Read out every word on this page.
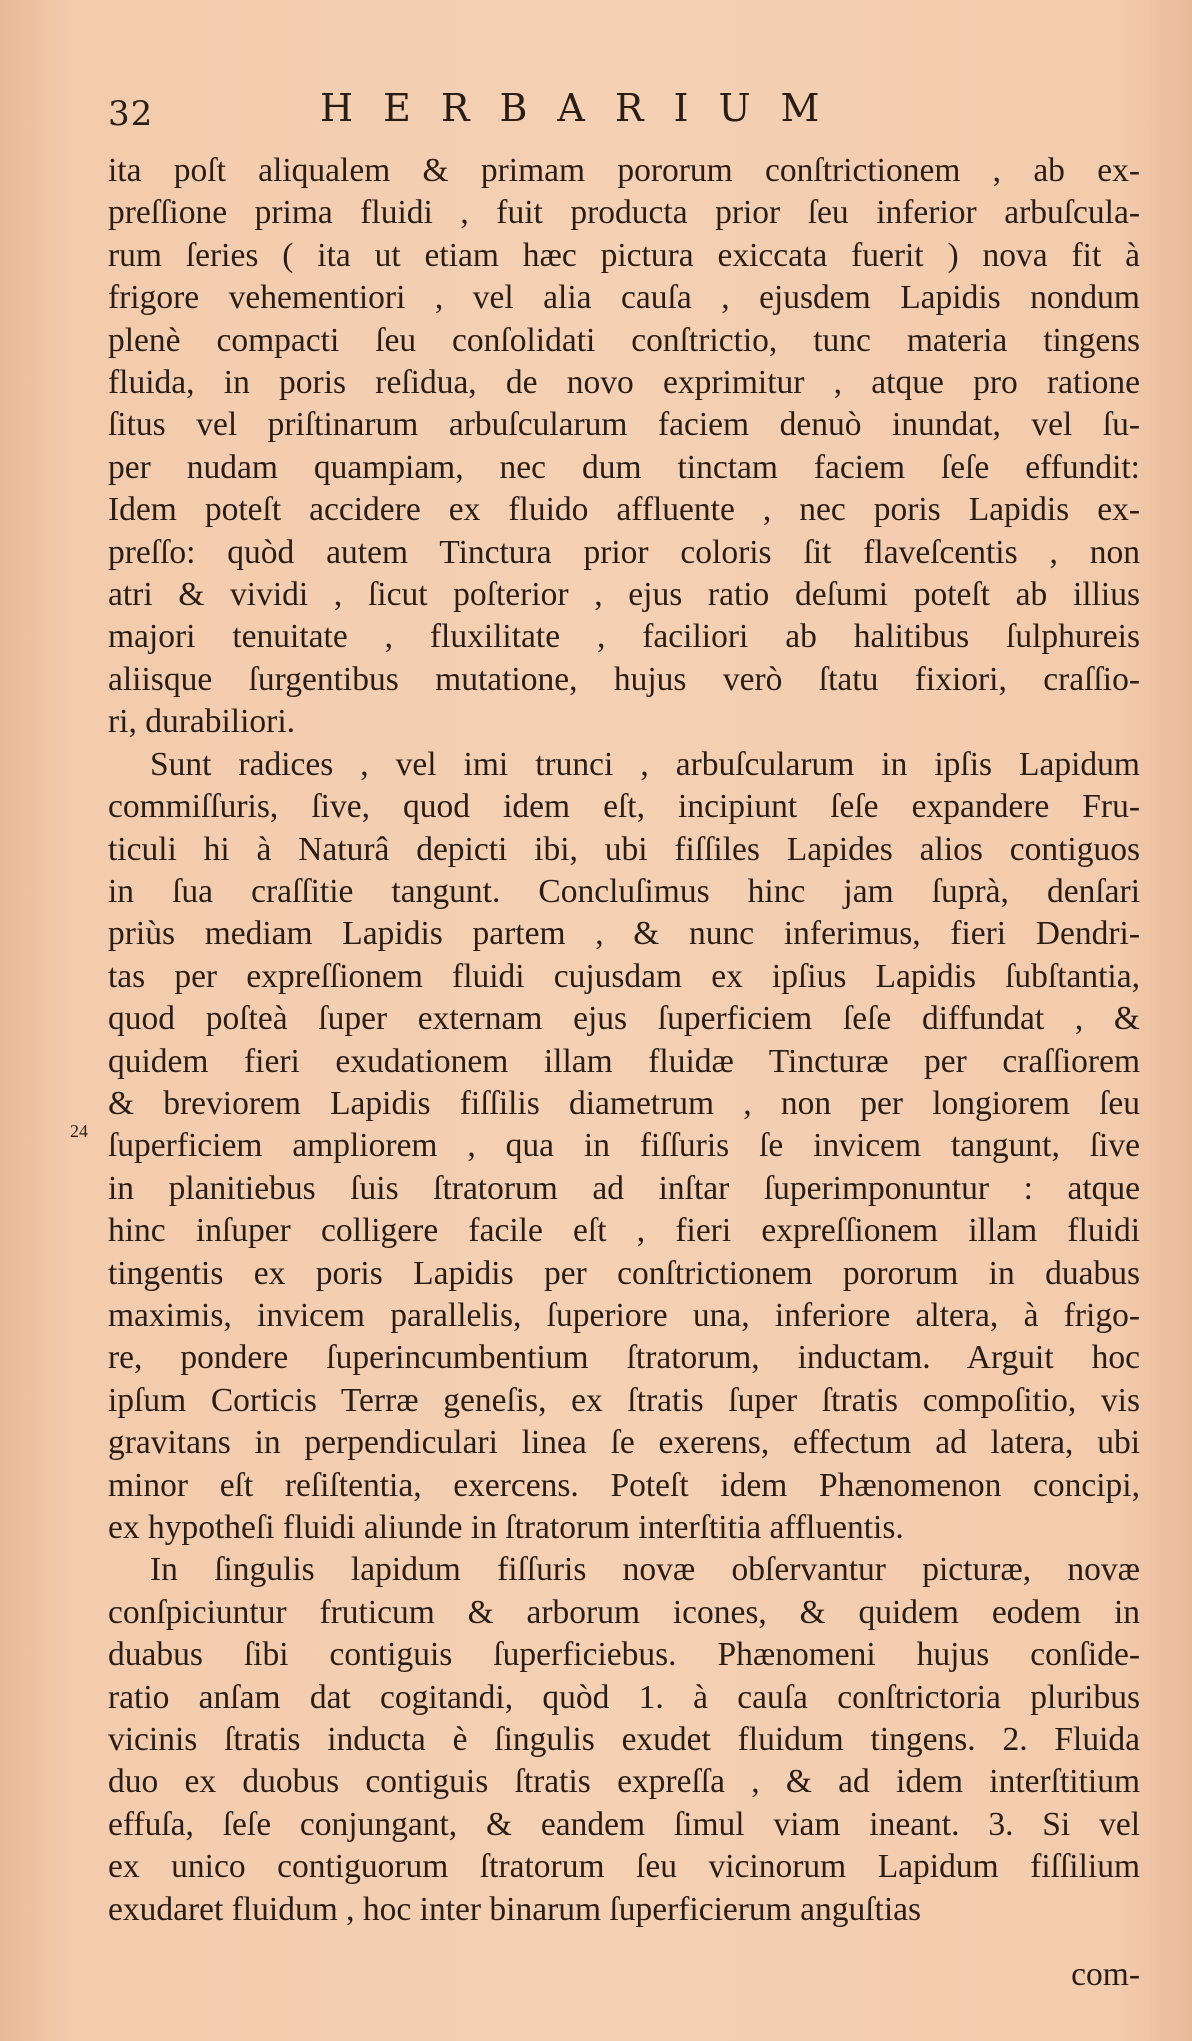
32	HERBARIUM
24
ita poſt aliqualem & primam pororum conſtrictionem , ab ex-
preſſione prima fluidi , fuit producta prior ſeu inferior arbuſcula-
rum ſeries ( ita ut etiam hæc pictura exiccata fuerit ) nova fit à
frigore vehementiori , vel alia cauſa , ejusdem Lapidis nondum
plenè compacti ſeu conſolidati conſtrictio, tunc materia tingens
fluida, in poris reſidua, de novo exprimitur , atque pro ratione
ſitus vel priſtinarum arbuſcularum faciem denuò inundat, vel ſu-
per nudam quampiam, nec dum tinctam faciem ſeſe effundit:
Idem poteſt accidere ex fluido affluente , nec poris Lapidis ex-
preſſo: quòd autem Tinctura prior coloris ſit flaveſcentis , non
atri & vividi , ſicut poſterior , ejus ratio deſumi poteſt ab illius
majori tenuitate , fluxilitate , faciliori ab halitibus ſulphureis
aliisque ſurgentibus mutatione, hujus verò ſtatu fixiori, craſſio-
ri, durabiliori.
Sunt radices , vel imi trunci , arbuſcularum in ipſis Lapidum
commiſſuris, ſive, quod idem eſt, incipiunt ſeſe expandere Fru-
ticuli hi à Naturâ depicti ibi, ubi fiſſiles Lapides alios contiguos
in ſua craſſitie tangunt. Concluſimus hinc jam ſuprà, denſari
priùs mediam Lapidis partem , & nunc inferimus, fieri Dendri-
tas per expreſſionem fluidi cujusdam ex ipſius Lapidis ſubſtantia,
quod poſteà ſuper externam ejus ſuperficiem ſeſe diffundat , &
quidem fieri exudationem illam fluidæ Tincturæ per craſſiorem
& breviorem Lapidis fiſſilis diametrum , non per longiorem ſeu
ſuperficiem ampliorem , qua in fiſſuris ſe invicem tangunt, ſive
in planitiebus ſuis ſtratorum ad inſtar ſuperimponuntur : atque
hinc inſuper colligere facile eſt , fieri expreſſionem illam fluidi
tingentis ex poris Lapidis per conſtrictionem pororum in duabus
maximis, invicem parallelis, ſuperiore una, inferiore altera, à frigo-
re, pondere ſuperincumbentium ſtratorum, inductam. Arguit hoc
ipſum Corticis Terræ geneſis, ex ſtratis ſuper ſtratis compoſitio, vis
gravitans in perpendiculari linea ſe exerens, effectum ad latera, ubi
minor eſt reſiſtentia, exercens. Poteſt idem Phænomenon concipi,
ex hypotheſi fluidi aliunde in ſtratorum interſtitia affluentis.
In ſingulis lapidum fiſſuris novæ obſervantur picturæ, novæ
conſpiciuntur fruticum & arborum icones, & quidem eodem in
duabus ſibi contiguis ſuperficiebus. Phænomeni hujus conſide-
ratio anſam dat cogitandi, quòd 1. à cauſa conſtrictoria pluribus
vicinis ſtratis inducta è ſingulis exudet fluidum tingens. 2. Fluida
duo ex duobus contiguis ſtratis expreſſa , & ad idem interſtitium
effuſa, ſeſe conjungant, & eandem ſimul viam ineant. 3. Si vel
ex unico contiguorum ſtratorum ſeu vicinorum Lapidum fiſſilium
exudaret fluidum , hoc inter binarum ſuperficierum anguſtias
com-
